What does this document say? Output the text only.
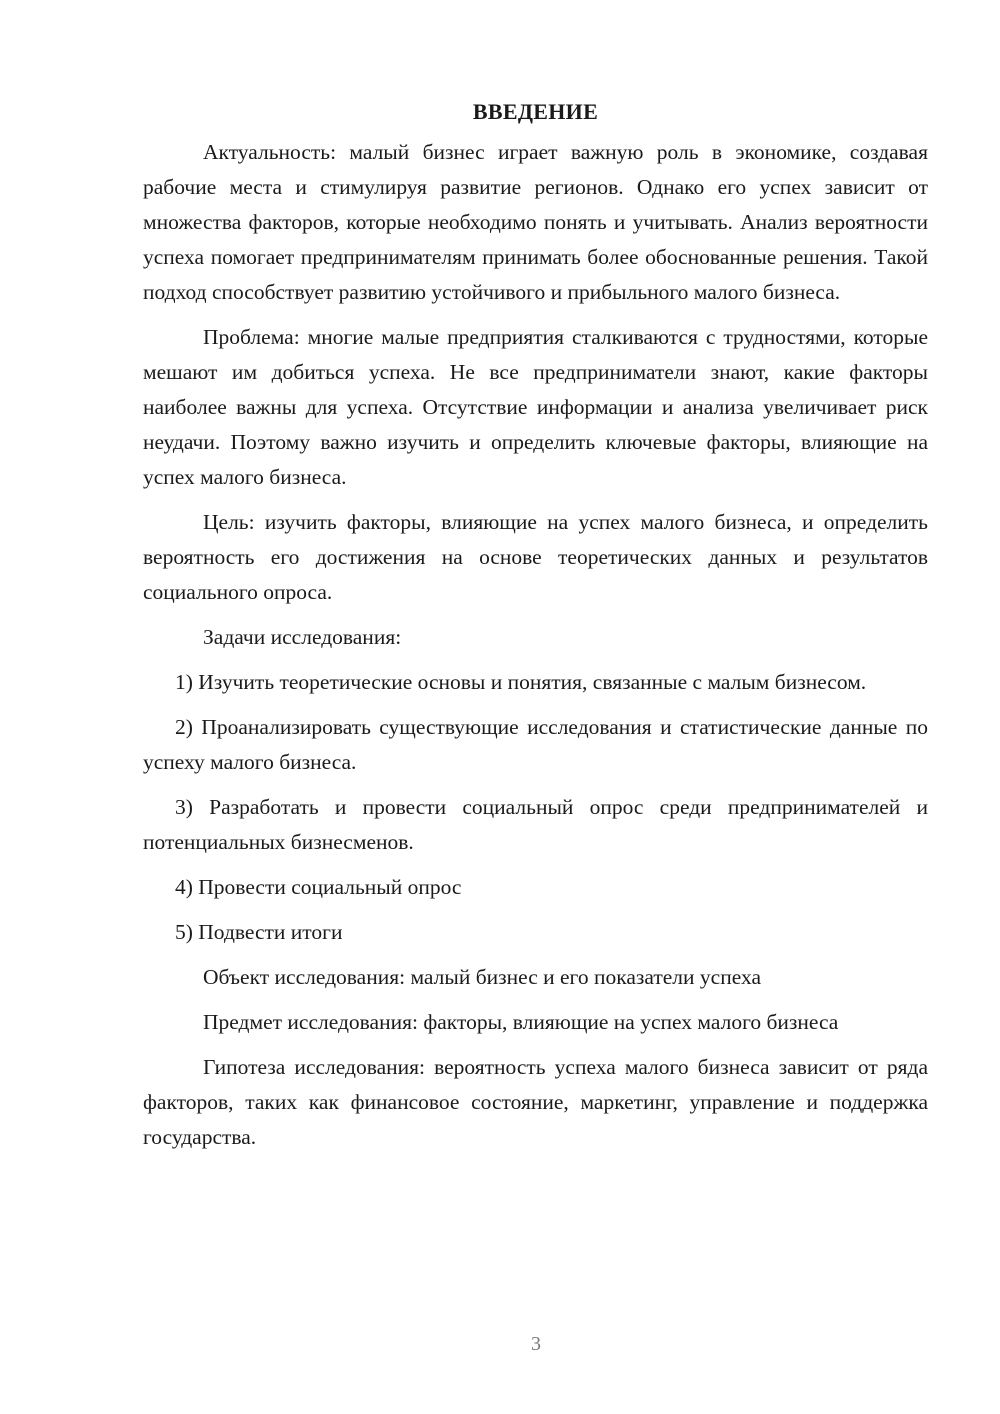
ВВЕДЕНИЕ

Актуальность: малый бизнес играет важную роль в экономике, создавая рабочие места и стимулируя развитие регионов. Однако его успех зависит от множества факторов, которые необходимо понять и учитывать. Анализ вероятности успеха помогает предпринимателям принимать более обоснованные решения. Такой подход способствует развитию устойчивого и прибыльного малого бизнеса.

Проблема: многие малые предприятия сталкиваются с трудностями, которые мешают им добиться успеха. Не все предприниматели знают, какие факторы наиболее важны для успеха. Отсутствие информации и анализа увеличивает риск неудачи. Поэтому важно изучить и определить ключевые факторы, влияющие на успех малого бизнеса.

Цель: изучить факторы, влияющие на успех малого бизнеса, и определить вероятность его достижения на основе теоретических данных и результатов социального опроса.

Задачи исследования:

1) Изучить теоретические основы и понятия, связанные с малым бизнесом.

2) Проанализировать существующие исследования и статистические данные по успеху малого бизнеса.

3) Разработать и провести социальный опрос среди предпринимателей и потенциальных бизнесменов.

4) Провести социальный опрос

5) Подвести итоги

Объект исследования: малый бизнес и его показатели успеха

Предмет исследования: факторы, влияющие на успех малого бизнеса

Гипотеза исследования: вероятность успеха малого бизнеса зависит от ряда факторов, таких как финансовое состояние, маркетинг, управление и поддержка государства.

3
